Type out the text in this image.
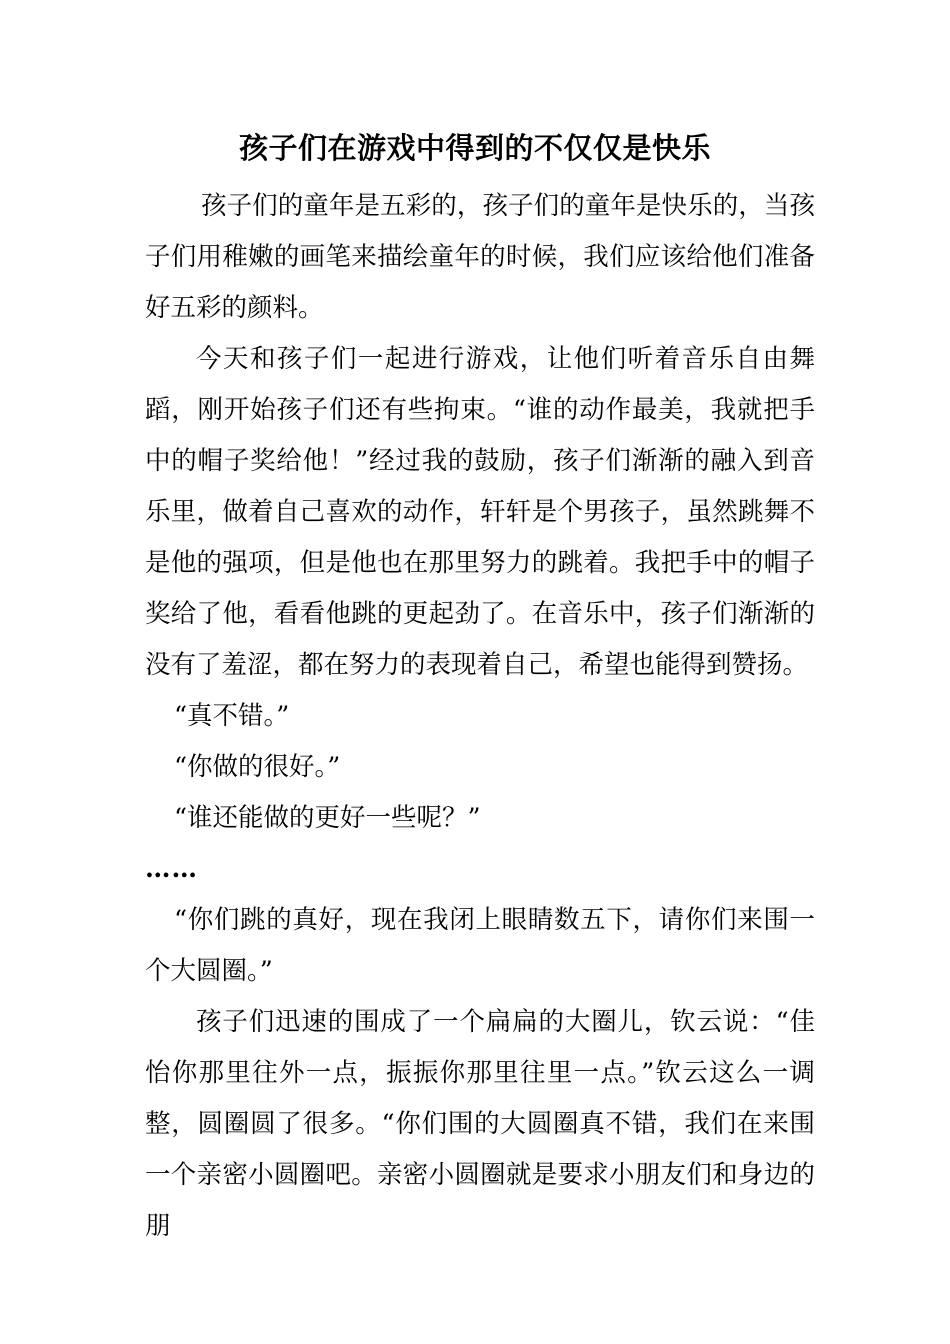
孩子们在游戏中得到的不仅仅是快乐

孩子们的童年是五彩的，孩子们的童年是快乐的，当孩子们用稚嫩的画笔来描绘童年的时候，我们应该给他们准备好五彩的颜料。

今天和孩子们一起进行游戏，让他们听着音乐自由舞蹈，刚开始孩子们还有些拘束。“谁的动作最美，我就把手中的帽子奖给他！”经过我的鼓励，孩子们渐渐的融入到音乐里，做着自己喜欢的动作，轩轩是个男孩子，虽然跳舞不是他的强项，但是他也在那里努力的跳着。我把手中的帽子奖给了他，看看他跳的更起劲了。在音乐中，孩子们渐渐的没有了羞涩，都在努力的表现着自己，希望也能得到赞扬。

“真不错。”

“你做的很好。”

“谁还能做的更好一些呢？”

……

“你们跳的真好，现在我闭上眼睛数五下，请你们来围一个大圆圈。”

孩子们迅速的围成了一个扁扁的大圈儿，钦云说：“佳怡你那里往外一点，振振你那里往里一点。”钦云这么一调整，圆圈圆了很多。“你们围的大圆圈真不错，我们在来围一个亲密小圆圈吧。亲密小圆圈就是要求小朋友们和身边的朋
